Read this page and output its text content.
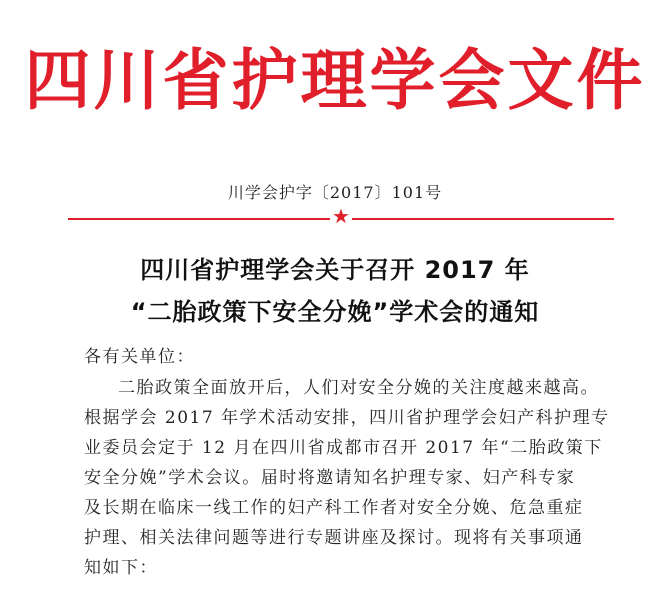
四川省护理学会文件
川学会护字〔2017〕101号
★
四川省护理学会关于召开 2017 年
“二胎政策下安全分娩”学术会的通知
各有关单位：
二胎政策全面放开后，人们对安全分娩的关注度越来越高。
根据学会 2017 年学术活动安排，四川省护理学会妇产科护理专
业委员会定于 12 月在四川省成都市召开 2017 年“二胎政策下
安全分娩”学术会议。届时将邀请知名护理专家、妇产科专家
及长期在临床一线工作的妇产科工作者对安全分娩、危急重症
护理、相关法律问题等进行专题讲座及探讨。现将有关事项通
知如下：
